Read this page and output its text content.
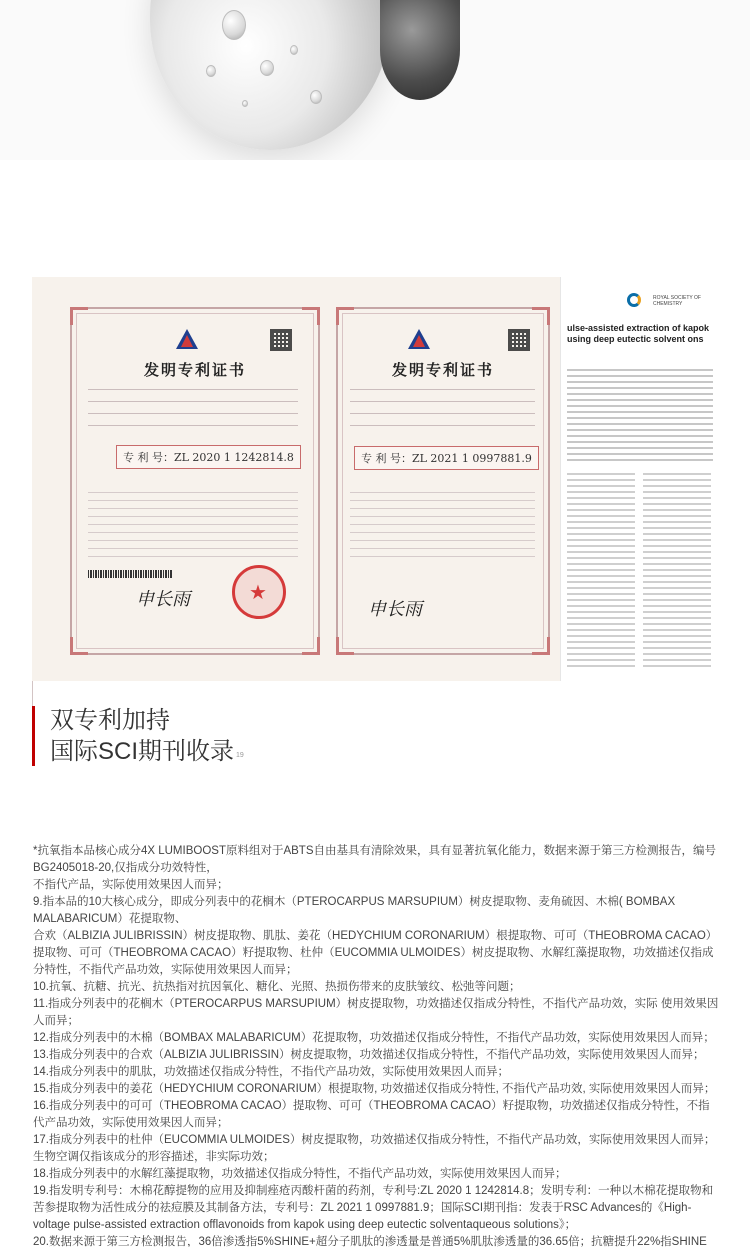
发明专利证书
专 利 号：ZL 2020 1 1242814.8
申长雨	★
发明专利证书
专 利 号：ZL 2021 1 0997881.9
申长雨
ROYAL SOCIETY OF CHEMISTRY
ulse-assisted extraction of kapok using deep eutectic solvent ons
双专利加持
国际SCI期刊收录 $^{19}$

*抗氧指本品核心成分4X LUMIBOOST原料组对于ABTS自由基具有清除效果，具有显著抗氧化能力，数据来源于第三方检测报告，编号BG2405018-20,仅指成分功效特性，

不指代产品，实际使用效果因人而异；

9.指本品的10大核心成分，即成分列表中的花榈木（PTEROCARPUS MARSUPIUM）树皮提取物、麦角硫因、木棉( BOMBAX MALABARICUM）花提取物、

合欢（ALBIZIA JULIBRISSIN）树皮提取物、肌肽、姜花（HEDYCHIUM CORONARIUM）根提取物、可可（THEOBROMA CACAO）提取物、可可（THEOBROMA CACAO）籽提取物、杜仲（EUCOMMIA ULMOIDES）树皮提取物、水解红藻提取物，功效描述仅指成分特性，不指代产品功效，实际使用效果因人而异；

10.抗氧、抗糖、抗光、抗热指对抗因氧化、糖化、光照、热损伤带来的皮肤皱纹、松弛等问题；

11.指成分列表中的花榈木（PTEROCARPUS MARSUPIUM）树皮提取物，功效描述仅指成分特性，不指代产品功效，实际 使用效果因人而异；

12.指成分列表中的木棉（BOMBAX MALABARICUM）花提取物，功效描述仅指成分特性，不指代产品功效，实际使用效果因人而异；

13.指成分列表中的合欢（ALBIZIA JULIBRISSIN）树皮提取物，功效描述仅指成分特性，不指代产品功效，实际使用效果因人而异；

14.指成分列表中的肌肽，功效描述仅指成分特性，不指代产品功效，实际使用效果因人而异；

15.指成分列表中的姜花（HEDYCHIUM CORONARIUM）根提取物, 功效描述仅指成分特性, 不指代产品功效, 实际使用效果因人而异；

16.指成分列表中的可可（THEOBROMA CACAO）提取物、可可（THEOBROMA CACAO）籽提取物，功效描述仅指成分特性，不指代产品功效，实际使用效果因人而异；

17.指成分列表中的杜仲（EUCOMMIA ULMOIDES）树皮提取物，功效描述仅指成分特性，不指代产品功效，实际使用效果因人而异；

生物空调仅指该成分的形容描述，非实际功效；

18.指成分列表中的水解红藻提取物，功效描述仅指成分特性，不指代产品功效，实际使用效果因人而异；

19.指发明专利号：木棉花醇提物的应用及抑制痤疮丙酸杆菌的药剂，专利号:ZL 2020 1 1242814.8；发明专利：一种以木棉花提取物和苦参提取物为活性成分的祛痘膜及其制备方法，专利号：ZL 2021 1 0997881.9；国际SCI期刊指：发表于RSC Advances的《High-voltage pulse-assisted extraction offlavonoids from kapok using deep eutectic solventaqueous solutions》；

20.数据来源于第三方检测报告，36倍渗透指5%SHINE+超分子肌肽的渗透量是普通5%肌肽渗透量的36.65倍；抗糖提升22%指SHINE
